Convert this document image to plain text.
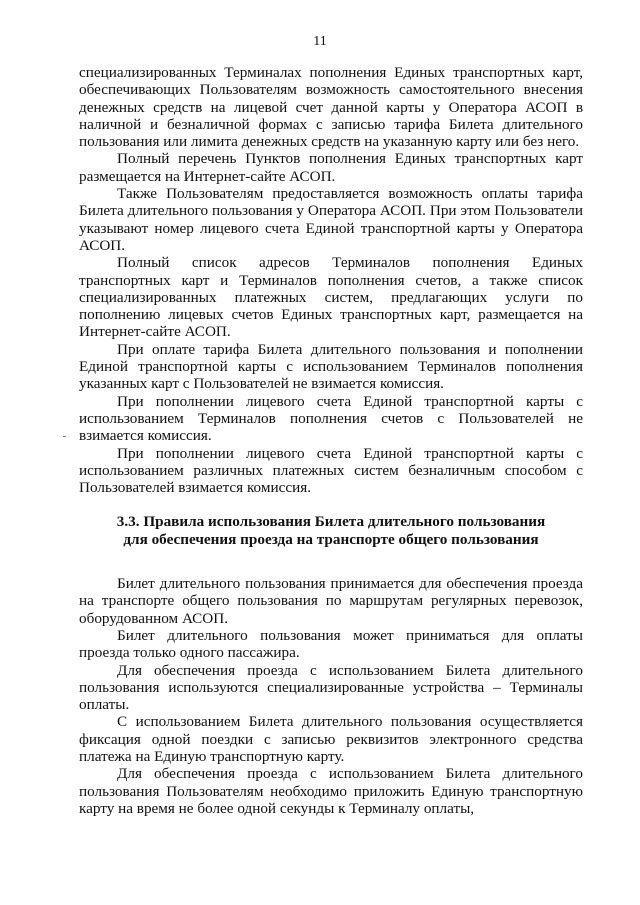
11

специализированных Терминалах пополнения Единых транспортных карт, обеспечивающих Пользователям возможность самостоятельного внесения денежных средств на лицевой счет данной карты у Оператора АСОП в наличной и безналичной формах с записью тарифа Билета длительного пользования или лимита денежных средств на указанную карту или без него.

Полный перечень Пунктов пополнения Единых транспортных карт размещается на Интернет-сайте АСОП.

Также Пользователям предоставляется возможность оплаты тарифа Билета длительного пользования у Оператора АСОП. При этом Пользователи указывают номер лицевого счета Единой транспортной карты у Оператора АСОП.

Полный список адресов Терминалов пополнения Единых транспортных карт и Терминалов пополнения счетов, а также список специализированных платежных систем, предлагающих услуги по пополнению лицевых счетов Единых транспортных карт, размещается на Интернет-сайте АСОП.

При оплате тарифа Билета длительного пользования и пополнении Единой транспортной карты с использованием Терминалов пополнения указанных карт с Пользователей не взимается комиссия.

При пополнении лицевого счета Единой транспортной карты с использованием Терминалов пополнения счетов с Пользователей не взимается комиссия.

При пополнении лицевого счета Единой транспортной карты с использованием различных платежных систем безналичным способом с Пользователей взимается комиссия.

3.3. Правила использования Билета длительного пользования
для обеспечения проезда на транспорте общего пользования

Билет длительного пользования принимается для обеспечения проезда на транспорте общего пользования по маршрутам регулярных перевозок, оборудованном АСОП.

Билет длительного пользования может приниматься для оплаты проезда только одного пассажира.

Для обеспечения проезда с использованием Билета длительного пользования используются специализированные устройства – Терминалы оплаты.

С использованием Билета длительного пользования осуществляется фиксация одной поездки с записью реквизитов электронного средства платежа на Единую транспортную карту.

Для обеспечения проезда с использованием Билета длительного пользования Пользователям необходимо приложить Единую транспортную карту на время не более одной секунды к Терминалу оплаты,
